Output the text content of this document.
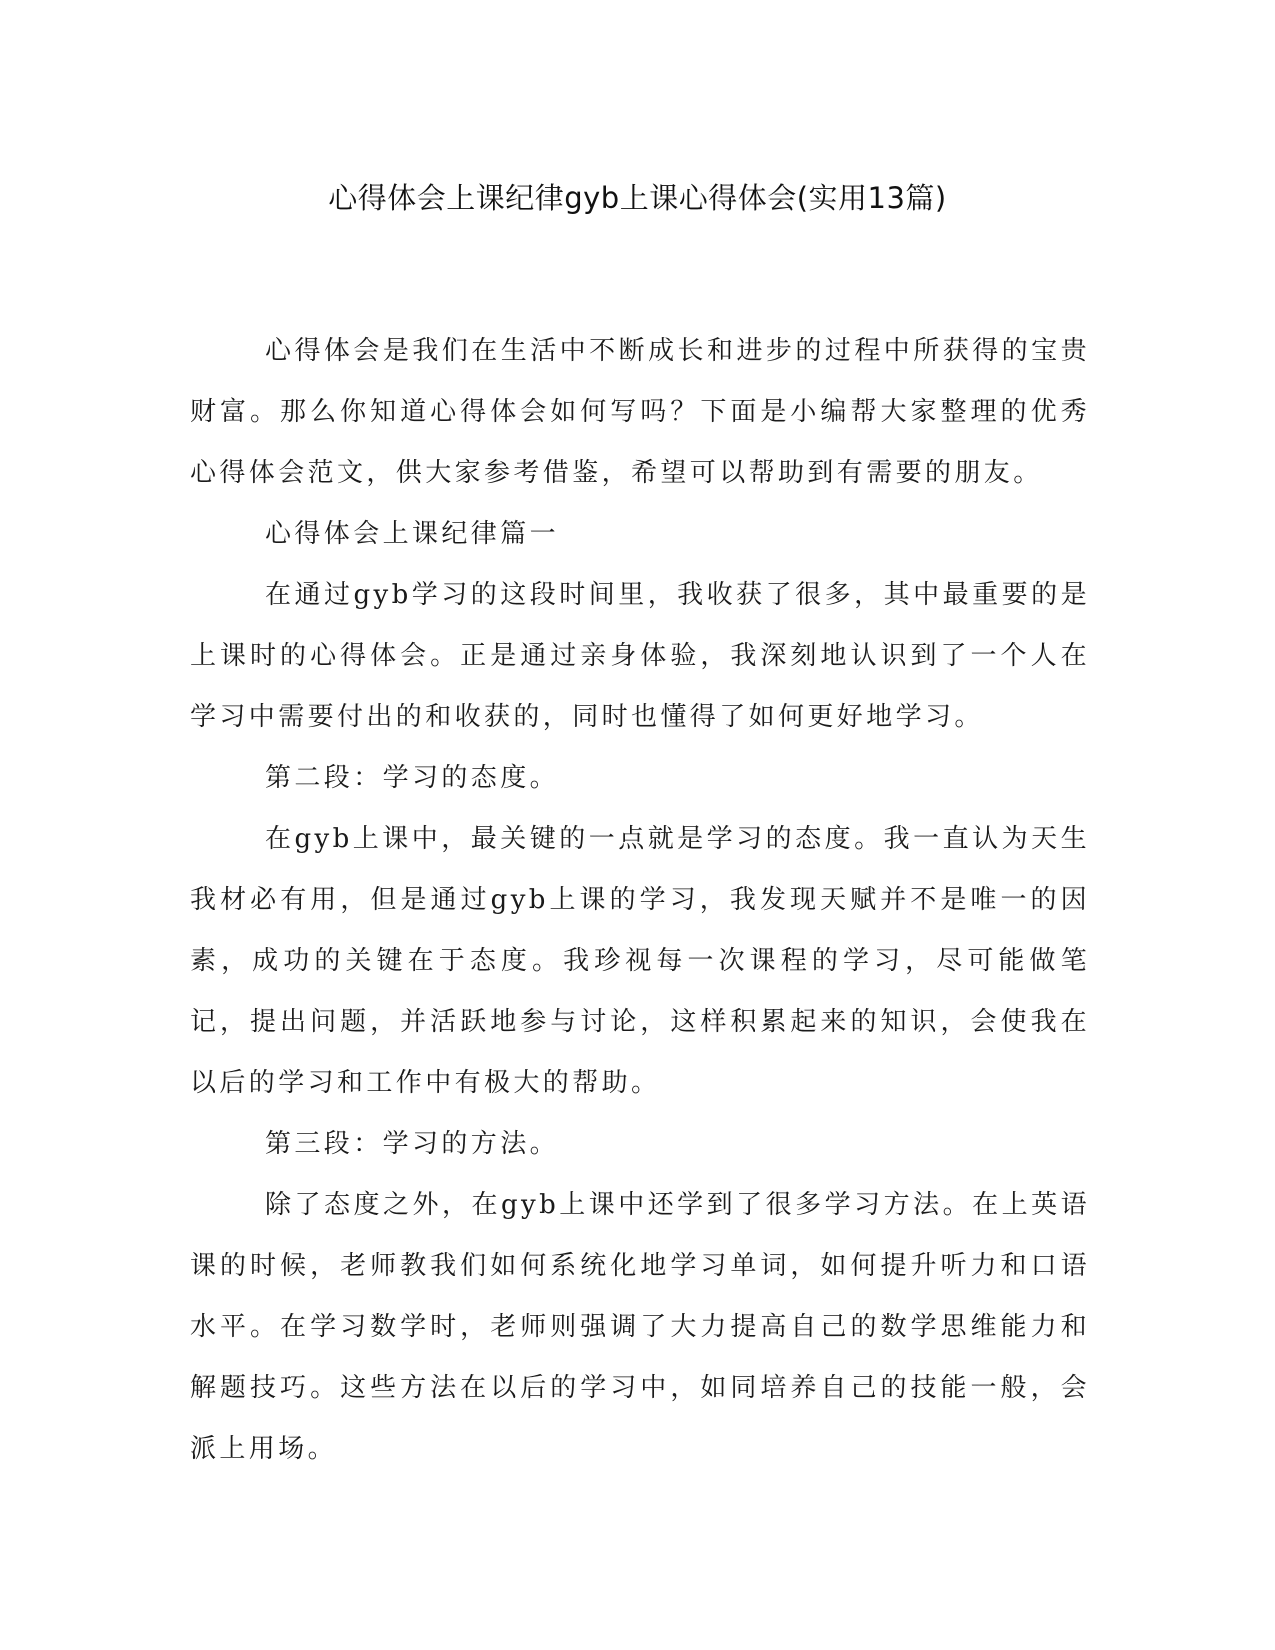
心得体会上课纪律gyb上课心得体会(实用13篇)

心得体会是我们在生活中不断成长和进步的过程中所获得的宝贵财富。那么你知道心得体会如何写吗？下面是小编帮大家整理的优秀心得体会范文，供大家参考借鉴，希望可以帮助到有需要的朋友。

心得体会上课纪律篇一

在通过gyb学习的这段时间里，我收获了很多，其中最重要的是上课时的心得体会。正是通过亲身体验，我深刻地认识到了一个人在学习中需要付出的和收获的，同时也懂得了如何更好地学习。

第二段：学习的态度。

在gyb上课中，最关键的一点就是学习的态度。我一直认为天生我材必有用，但是通过gyb上课的学习，我发现天赋并不是唯一的因素，成功的关键在于态度。我珍视每一次课程的学习，尽可能做笔记，提出问题，并活跃地参与讨论，这样积累起来的知识，会使我在以后的学习和工作中有极大的帮助。

第三段：学习的方法。

除了态度之外，在gyb上课中还学到了很多学习方法。在上英语课的时候，老师教我们如何系统化地学习单词，如何提升听力和口语水平。在学习数学时，老师则强调了大力提高自己的数学思维能力和解题技巧。这些方法在以后的学习中，如同培养自己的技能一般，会派上用场。
